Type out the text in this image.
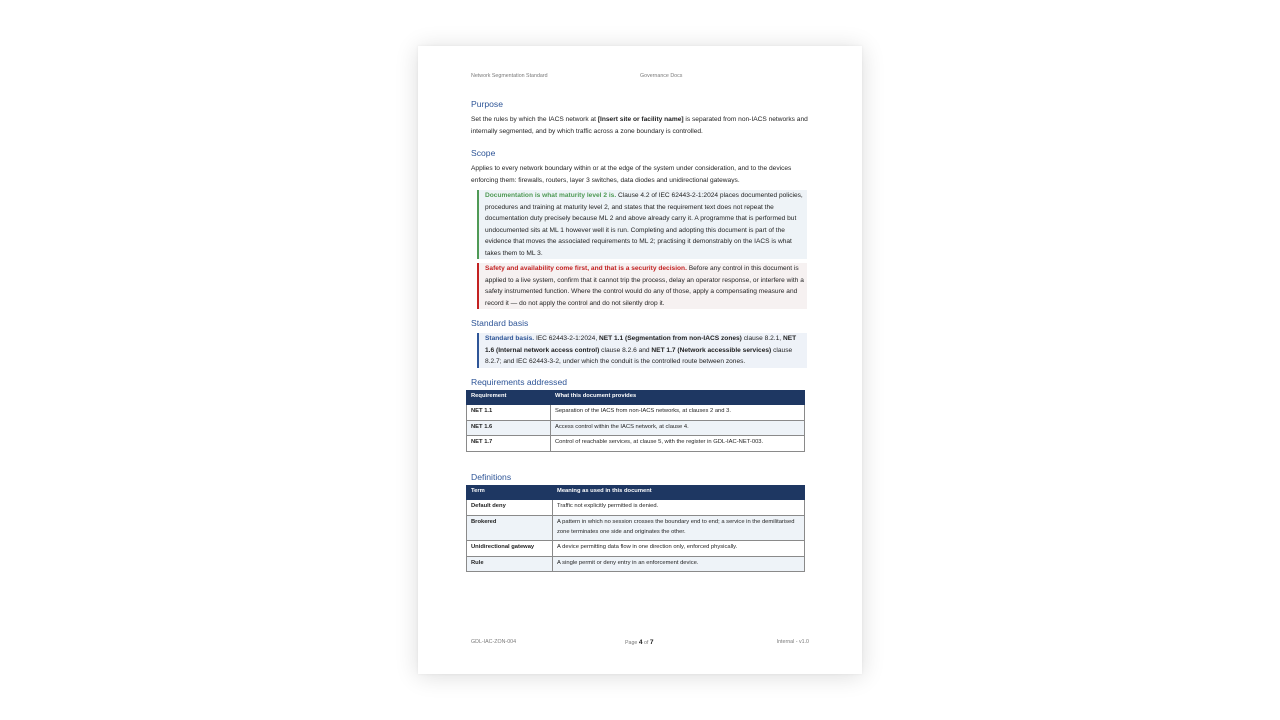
Network Segmentation Standard	Governance Docs
Purpose

Set the rules by which the IACS network at [Insert site or facility name] is separated from non-IACS networks and internally segmented, and by which traffic across a zone boundary is controlled.

Scope

Applies to every network boundary within or at the edge of the system under consideration, and to the devices enforcing them: firewalls, routers, layer 3 switches, data diodes and unidirectional gateways.

Documentation is what maturity level 2 is. Clause 4.2 of IEC 62443-2-1:2024 places documented policies, procedures and training at maturity level 2, and states that the requirement text does not repeat the documentation duty precisely because ML 2 and above already carry it. A programme that is performed but undocumented sits at ML 1 however well it is run. Completing and adopting this document is part of the evidence that moves the associated requirements to ML 2; practising it demonstrably on the IACS is what takes them to ML 3.
Safety and availability come first, and that is a security decision. Before any control in this document is applied to a live system, confirm that it cannot trip the process, delay an operator response, or interfere with a safety instrumented function. Where the control would do any of those, apply a compensating measure and record it — do not apply the control and do not silently drop it.
Standard basis
Standard basis. IEC 62443-2-1:2024, NET 1.1 (Segmentation from non-IACS zones) clause 8.2.1, NET 1.6 (Internal network access control) clause 8.2.6 and NET 1.7 (Network accessible services) clause 8.2.7; and IEC 62443-3-2, under which the conduit is the controlled route between zones.
Requirements addressed
Requirement	What this document provides
NET 1.1	Separation of the IACS from non-IACS networks, at clauses 2 and 3.
NET 1.6	Access control within the IACS network, at clause 4.
NET 1.7	Control of reachable services, at clause 5, with the register in GDL-IAC-NET-003.
Definitions
Term	Meaning as used in this document
Default deny	Traffic not explicitly permitted is denied.
Brokered	A pattern in which no session crosses the boundary end to end; a service in the demilitarised zone terminates one side and originates the other.
Unidirectional gateway	A device permitting data flow in one direction only, enforced physically.
Rule	A single permit or deny entry in an enforcement device.
GDL-IAC-ZON-004	Page 4 of 7	Internal - v1.0
